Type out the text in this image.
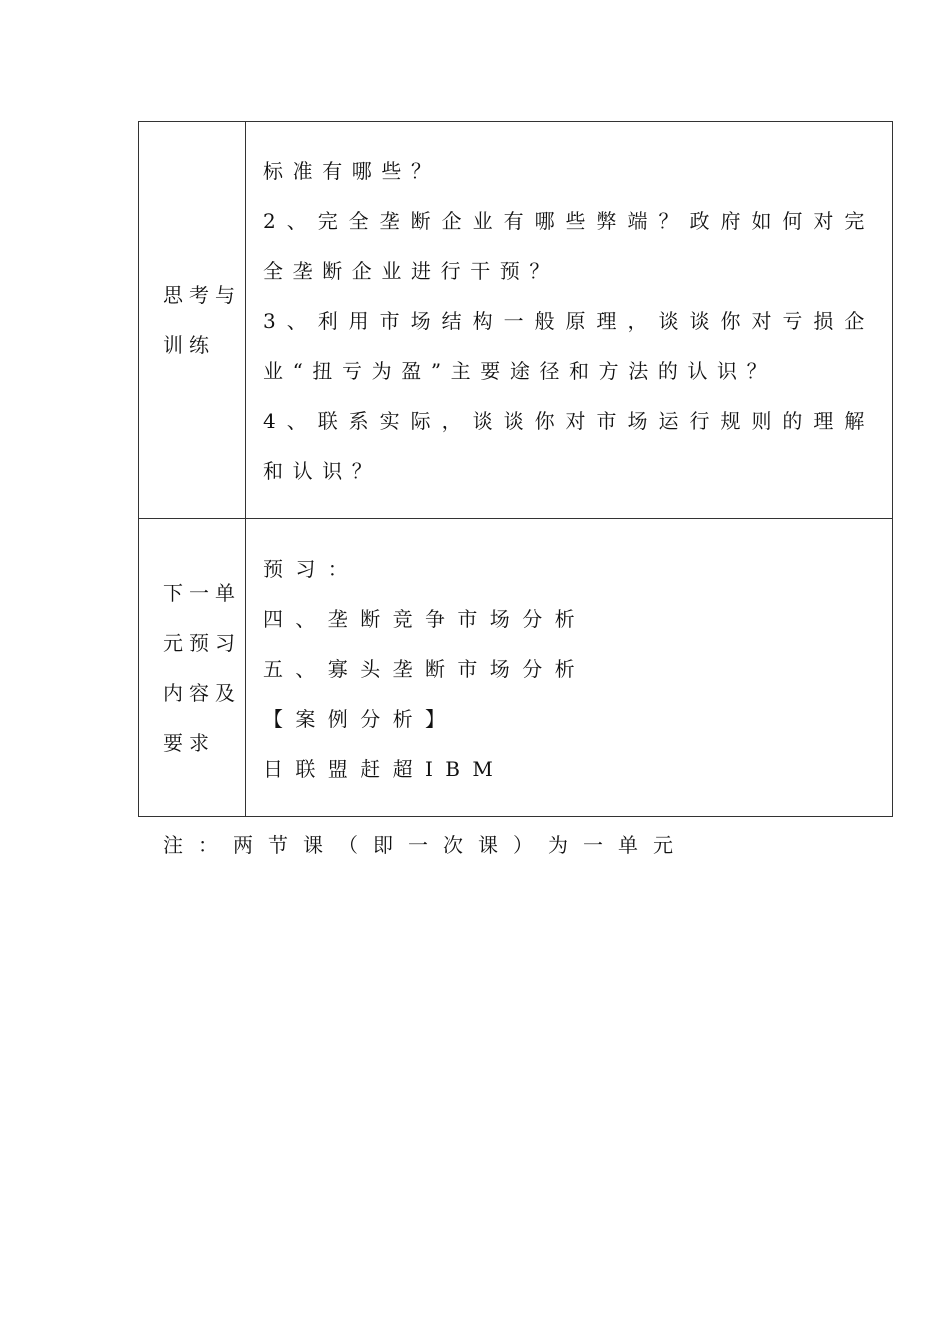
思考与训练	标准有哪些？

2、完全垄断企业有哪些弊端？政府如何对完全垄断企业进行干预？

3、利用市场结构一般原理，谈谈你对亏损企业“扭亏为盈”主要途径和方法的认识？

4、联系实际，谈谈你对市场运行规则的理解和认识？

下一单元预习内容及要求	预习：

四、垄断竞争市场分析

五、寡头垄断市场分析

【案例分析】

日联盟赶超IBM

注：两节课（即一次课）为一单元
